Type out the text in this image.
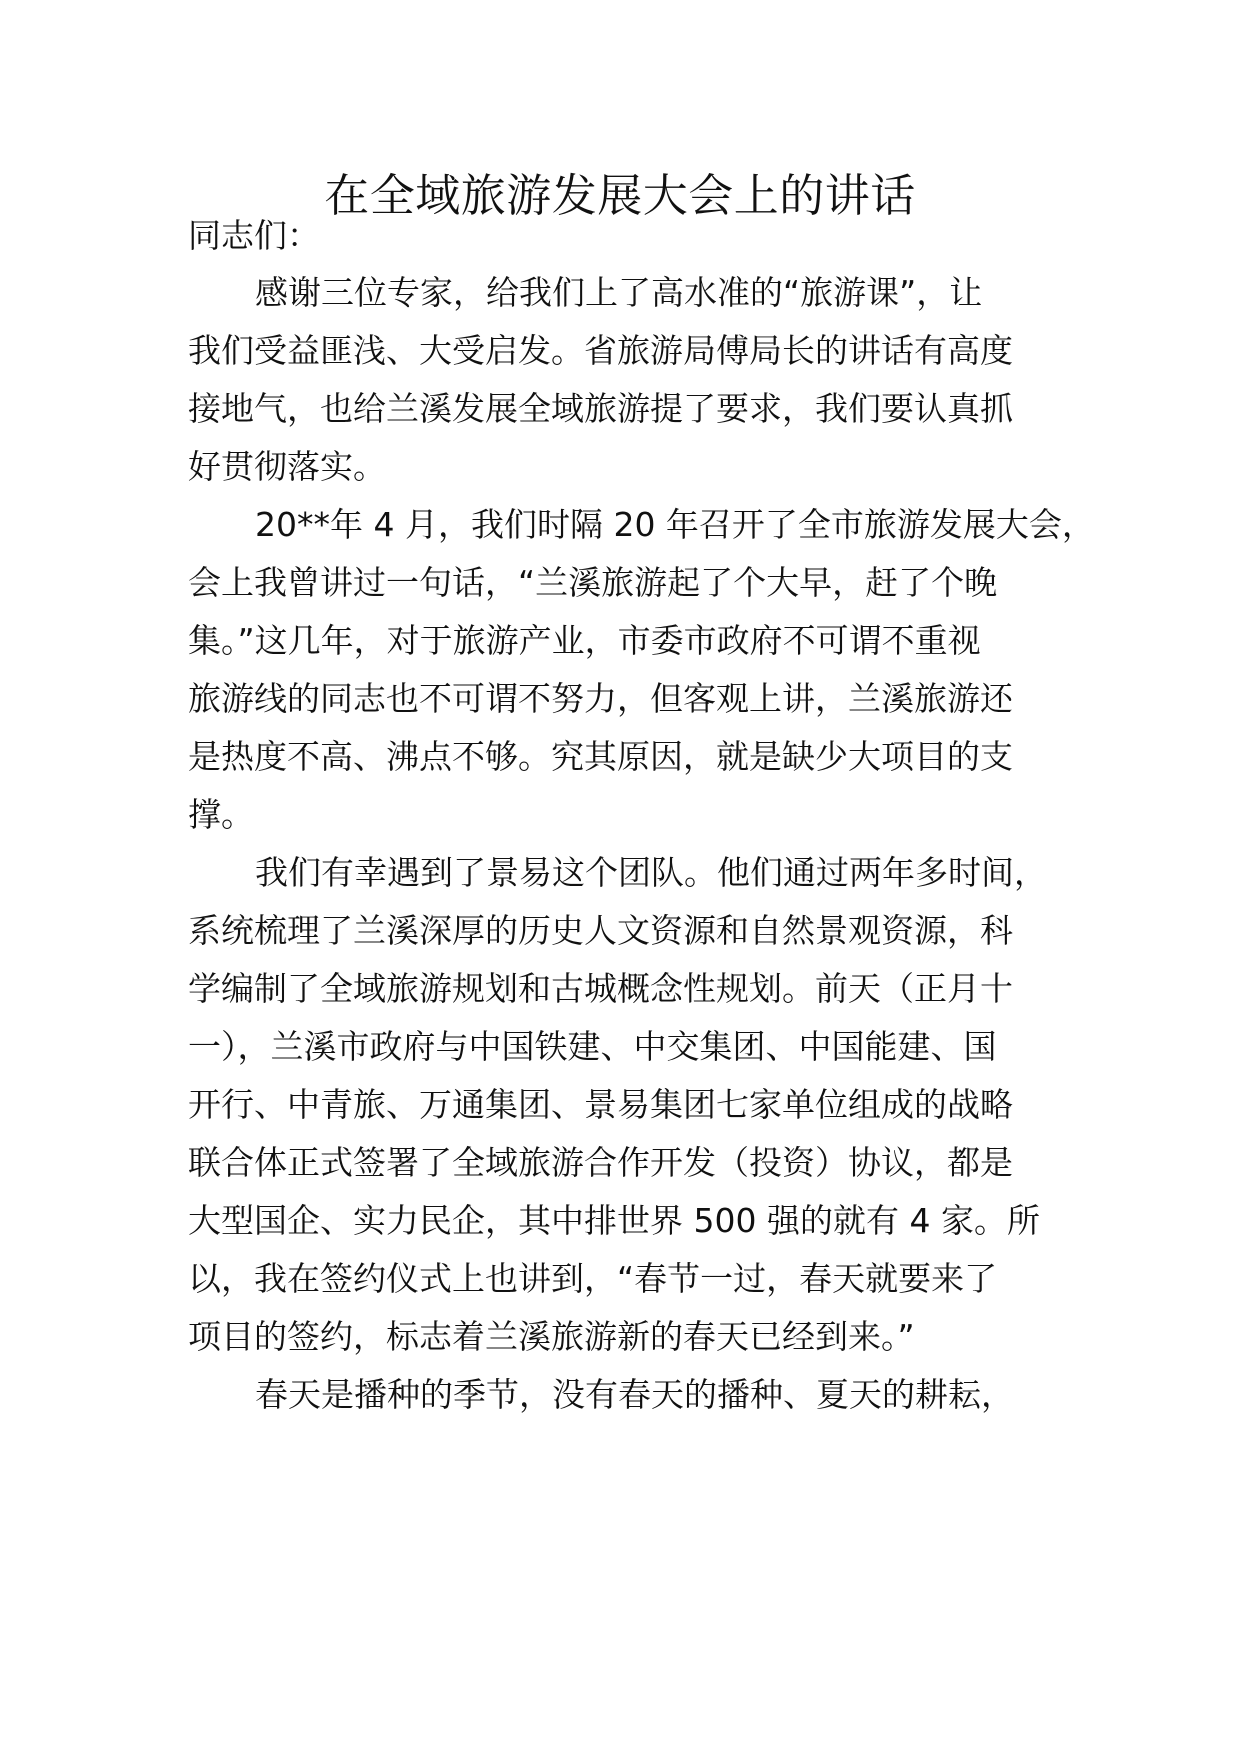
在全域旅游发展大会上的讲话
同志们：
感谢三位专家，给我们上了高水准的“旅游课”，让
我们受益匪浅、大受启发。省旅游局傅局长的讲话有高度
接地气，也给兰溪发展全域旅游提了要求，我们要认真抓
好贯彻落实。
20**年 4 月，我们时隔 20 年召开了全市旅游发展大会，
会上我曾讲过一句话，“兰溪旅游起了个大早，赶了个晚
集。”这几年，对于旅游产业，市委市政府不可谓不重视
旅游线的同志也不可谓不努力，但客观上讲，兰溪旅游还
是热度不高、沸点不够。究其原因，就是缺少大项目的支
撑。
我们有幸遇到了景易这个团队。他们通过两年多时间，
系统梳理了兰溪深厚的历史人文资源和自然景观资源，科
学编制了全域旅游规划和古城概念性规划。前天（正月十
一），兰溪市政府与中国铁建、中交集团、中国能建、国
开行、中青旅、万通集团、景易集团七家单位组成的战略
联合体正式签署了全域旅游合作开发（投资）协议，都是
大型国企、实力民企，其中排世界 500 强的就有 4 家。所
以，我在签约仪式上也讲到，“春节一过，春天就要来了
项目的签约，标志着兰溪旅游新的春天已经到来。”
春天是播种的季节，没有春天的播种、夏天的耕耘，
